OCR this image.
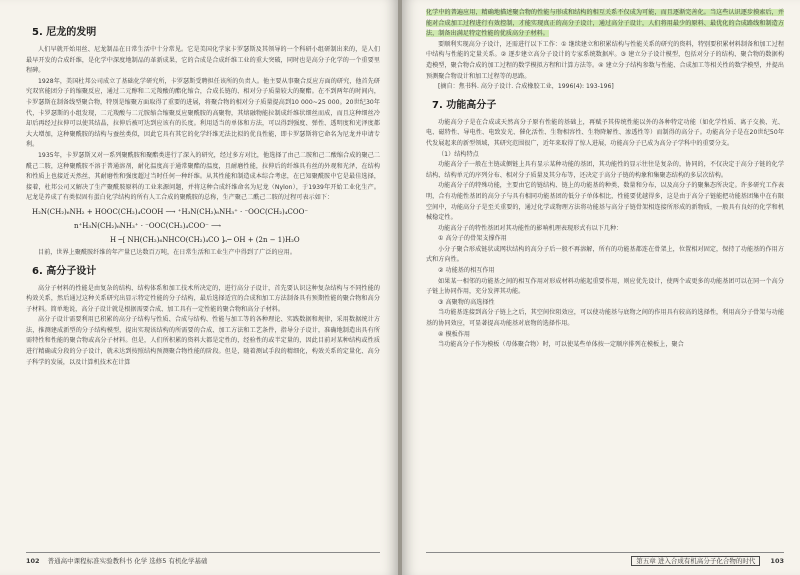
5. 尼龙的发明

人们早就开始用丝、尼龙制品在日常生活中十分常见。它是美国化学家卡罗瑟斯及其领导的一个科研小组研制出来的，是人们最早开发的合成纤维，是化学中深度地制品的革新成果，它的合成是合成纤维工业的重大突破，同时也是高分子化学的一个重要里程碑。

1928年，美国杜邦公司成立了基础化学研究所，卡罗瑟斯受聘担任该所的负责人。他主要从事聚合反应方面的研究，他首先研究双官能团分子的缩聚反应，通过二元醇和二元羧酸的酯化缩合，合成长链的、相对分子质量较大的聚酯。在不到两年的时间内，卡罗瑟斯在制备线型聚合物，特别是缩聚方面取得了重要的进展，将聚合物的相对分子质量提高到10 000~25 000。20世纪30年代，卡罗瑟斯的小组发现，二元羧酸与二元胺缩合缩聚反应聚酰胺的高聚物，其熔融物能拉制成纤维状细丝而成，而且这种细丝冷却后再经过拉伸可以使其结晶，拉伸后被可达到应该有的长度。利用适当的单体和方法，可以得到强度、弹性、透明度和光泽度都大大增加，这种聚酰胺的结构与蚕丝类似，因此它具有其它的化学纤维无法比拟的优良性能，即卡罗瑟斯将它命名为尼龙并申请专利。

1935年，卡罗瑟斯又对一系列聚酰胺和聚酯类进行了深入的研究，经过多方对比，他选择了由己二胺和己二酸缩合成的聚己二酰己二胺，这种聚酰胺不溶于普通溶剂，耐化温度高于通常聚酯的温度，且耐磨性能，拉伸后的纤维具有丝的外观和光泽，在结构和性质上也接近天然丝，其耐磨性和强度超过当时任何一种纤维。从其性能和制造成本综合考虑，在已知聚酰胺中它是最佳选择，接着，杜邦公司又解决了生产聚酰胺原料的工业来源问题，并将这种合成纤维命名为尼龙（Nylon），于1939年开始工业化生产。尼龙是养成了有类似固有蛋白化学结构的所有人工合成的聚酰胺的总称，生产聚己二酰己二胺的过程可表示如下：

H₂N(CH₂)₆NH₂ + HOOC(CH₂)₄COOH ⟶ ⁺H₃N(CH₂)₆NH₃⁺ · ⁻OOC(CH₂)₄COO⁻
n⁺H₃N(CH₂)₆NH₃⁺ · ⁻OOC(CH₂)₄COO⁻ ⟶
H ─[ NH(CH₂)₆NHCO(CH₂)₄CO ]ₙ─ OH + (2n − 1)H₂O

目前，世界上聚酰胺纤维的年产量已达数百万吨，在日常生活和工业生产中得到了广泛的应用。

6. 高分子设计

高分子材料的性能是由复杂的结构、结构体系和加工技术所决定的，进行高分子设计，首先要认识这种复杂结构与不同性能的构效关系，然后通过这种关系研究出显示特定性能的分子结构，最后选择适宜的合成和加工方法制备具有预期性能的聚合物和高分子材料。简单地说，高分子设计就是根据需要合成、加工具有一定性能的聚合物和高分子材料。

高分子设计需要利用已积累的高分子结构与性质、合成与结构、性能与加工等的各种理论、实践数据和规律，采用数据统计方法，推测建成新型的分子结构模型，提出实现该结构的所需要的合成、加工方法和工艺条件，指导分子设计，准确地制造出具有所需特性和性能的聚合物或高分子材料。但是，人们所积累的资料大都是定性的，经验性的或半定量的，因此目前对某种结构或性质进行精确或分段的分子设计，就未达到按照结构预测聚合物性能的阶段。但是，随着测试手段的精细化，构效关系的定量化、高分子科学的发展，以及计算机技术在计算

102 普通高中课程标准实验教科书 化学 选修5 有机化学基础

化学中的普遍应用，精确地描述聚合物的性能与形成和结构的相互关系不仅成为可能，而且逐渐完善化。当这些认识逐步摸索后，并能对合成加工过程进行有效控制，才能实现真正的高分子设计，通过高分子设计，人们将用最少的原料、最优化的合成路线和制造方法，制备出满足特定性能的优质高分子材料。

要顺利实现高分子设计，还需进行以下工作：① 继续建立和积累结构与性能关系的研究的资料，特别要积累材料制备和加工过程中结构与性能的定量关系。② 逐步建立高分子设计的专家系统数据库。③ 建立分子设计模型，包括对分子的结构、聚合物的数据构造模型，聚合物合成的加工过程的数学模拟方程和计算方法等。④ 建立分子结构参数与性能、合成加工等相关性的数学模型，并提出预测聚合物设计和加工过程等的思路。

[摘自：焦书科. 高分子设计. 合成橡胶工业，1996(4): 193-196]

7. 功能高分子

功能高分子是在合成或天然高分子原有性能的基础上，再赋予其传统性能以外的各种特定功能（如化学性质、离子交换、光、电、磁特性、导电性、电致发光、催化活性、生物相容性、生物降解性、渗透性等）而制得的高分子。功能高分子是在20世纪50年代发展起来的新型领域，其研究范围很广，近年来取得了惊人进展，功能高分子已成为高分子学科中的重要分支。

（1）结构特点

功能高分子一般在主链或侧链上具有显示某种功能的基团，其功能性的显示往往是复杂的，协同的，不仅决定于高分子链的化学结构、结构单元的序列分布、相对分子质量及其分布等，还决定于高分子链的构象和集聚态结构的多层次结构。

功能高分子的特殊功能，主要由它的链结构、链上的功能基的种类、数量和分布，以及高分子的聚集态所决定。许多研究工作表明，合有功能性基团的高分子与具有相同功能基团的低分子单体相比，性能要优越得多，这是由于高分子链能把功能基团集中在有限空间中，功能高分子是至关重要的，通过化学或物理方法将功能基与高分子链骨架相连接所形成的新物质，一般具有良好的化学和机械稳定性。

功能高分子的特性基团对其功能性的影响机理表现形式有以下几种：

① 高分子的骨架支撑作用

小分子聚合形成链状或网状结构的高分子后一般不再溶解，所有的功能基都连在骨架上，位置相对固定，保持了功能基的作用方式和方向性。

② 功能基的相互作用

如果某一相邻的功能基之间的相互作用对形成材料功能起重要作用，则应优先设计，使两个或更多的功能基团可以在同一个高分子链上协同作用，充分发挥其功能。

③ 高聚物的高选择性

当功能基连接到高分子链上之后，其空间位阻效应，可以使功能基与底物之间的作用具有较高的选择性，利用高分子骨架与功能基的协同效应，可显著提高功能基对底物的选择作用。

④ 模板作用

当功能高分子作为模板（母体聚合物）时，可以使某些单体按一定顺序排列在模板上，聚合

第五章 进入合成有机高分子化合物的时代 103
